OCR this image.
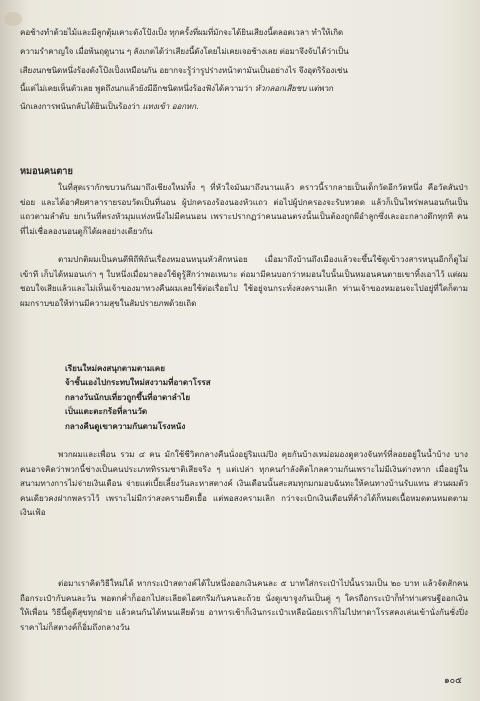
คอช้างทำด้วยไม้และมีลูกตุ้มเคาะดังโป้งเป็ง ทุกครั้งที่ผมที่มักจะได้ยินเสียงนี้ตลอดเวลา ทำให้เกิด
ความรำคาญใจ เมื่อพ้นฤดูนาน ๆ สังเกตได้ว่าเสียงนี้ดังโดยไม่เคยเจอช้างเลย ต่อมาจึงจับได้ว่าเป็น
เสียงนกชนิดหนึ่งร้องดังโป้งเป็งเหมือนกัน อยากจะรู้ว่ารูปร่างหน้าตามันเป็นอย่างไร จึงอุตริร้องเช่น
นี้แต่ไม่เคยเห็นตัวเลย พูดถึงนกแล้วยังมีอีกชนิดหนึ่งร้องฟังได้ความว่า หัวกลอกเสียชบ แต่พวก
นักเลงการพนันกลับได้ยินเป็นร้องว่า แทงเข้า ออกหก.
หมอนคนตาย
ในที่สุดเรากักขบวนกันมาถึงเชียงใหม่ทั้ง ๆ ที่หัวใจมันมาถึงนานแล้ว คราวนี้รากลายเป็นเด็กวัดอีกวัดหนึ่ง คือวัดสันป่าข่อย และได้อาศัยศาลารายรอบวัดเป็นที่นอน ผู้ปกครองร้องนองหัวแถว ต่อไปผู้ปกครองจะรับหวดด แล้วก็เป็นไพร่พลนอนกันเป็นแถวตามลำดับ ยกเว้นที่ตรงหัวมุมแห่งหนึ่งไม่มีคนนอน เพราะปรากฏว่าคนนอนตรงนั้นเป็นต้องถูกผีอำลูกซึ่งเละอะกลางดึกทุกที คนที่ไม่เชื่อลองนอนดูก็ได้ผลอย่างเดียวกัน
ตามปกติผมเป็นคนดีพิถีพิถันเรื่องหมอนหนุนหัวสักหน่อย เมื่อมาถึงบ้านถึงเมืองแล้วจะขึ้นใช้ดูเข้าวงสารหนุนอีกก็ดูไม่เข้าที เก็บได้หมอนเก่า ๆ ใบหนึ่งเมื่อมาลองใช้ดูรู้สึกว่าพอเหมาะ ต่อมามีคนบอกว่าหมอนใบนั้นเป็นหมอนคนตายเขาทิ้งเอาไว้ แต่ผมชอบใจเสียแล้วและไม่เห็นเจ้าของมาทวงคืนผมเลยใช้ต่อเรื่อยไป ใช้อยู่จนกระทั่งสงครามเลิก ท่านเจ้าของหมอนจะไปอยู่ที่ใดก็ตาม ผมกราบขอให้ท่านมีความสุขในสัมปรายภพด้วยเถิด
เรียนใหม่คงสนุกตามตามเคย
จ้าชั้นเองไปกระทบใหม่สงวามที่อาดาโรรส
กลางวันนักบเที่ยวถูกขึ้นที่อาดาลำไย
เป็นแตะตะกร้อที่ลานวัด
กลางคืนดูเขาความกันตามโรงหนัง
พวกผมและเพื่อน รวม ๔ คน มักใช้ชีวิตกลางคืนนั่งอยู่ริมแม่ปิง คุยกันบ้างเหม่อมองดูดวงจันทร์ที่ลอยอยู่ในน้ำบ้าง บางคนอาจคิดว่าพวกนี้ช่างเป็นคนประเภททิรรมชาติเสียจริง ๆ แต่เปล่า ทุกคนกำลังคิดไกลความกันเพราะไม่มีเงินต่างหาก เมื่ออยู่ในสนามทางการไม่จ่ายเงินเดือน จ่ายแต่เบี้ยเลี้ยงวันละหาสตางค์ เงินเดือนนั้นสะสมทุกมกมอบฉันทะให้คนทางบ้านรับแทน ส่วนผมตัวคนเดียวคงฝากพลรวไว้ เพราะไม่มีกว่าสงครามยืดเยื้อ แต่พอสงครามเลิก กว่าจะเบิกเงินเดือนที่ค้างได้ก็หมดเนื้อหมดตนหมดตามเงินเฟ้อ
ต่อมาเราคิดวิธีใหม่ได้ หากระเป๋าสตางค์ได้ใบหนึ่งออกเงินคนละ ๕ บาทใส่กระเป๋าไปนั้นรวมเป็น ๒๐ บาท แล้วจัดสักคนถือกระเป๋ากับคนละวัน พอตกค่ำก็ออกไปสะเลียดไอศกรีมกันคนละถ้วย นั่งดูเขาจูงกันเป็นคู่ ๆ ใครถือกระเป๋าก็ทำท่าเศรษฐีออกเงินให้เพื่อน วิธีนี้ดูดีสุขทุกฝ่าย แล้วคนกันได้หนนเสียด้วย อาหารเช้าก็เงินกระเป๋าเหลือน้อยเราก็ไม่ไปทาดาโรรสคงเล่นเข้านั่งกันชั่งปิ่งราคาไม่ก็สตางค์ก็อิ่มถึงกลางวัน
๑๐๕
